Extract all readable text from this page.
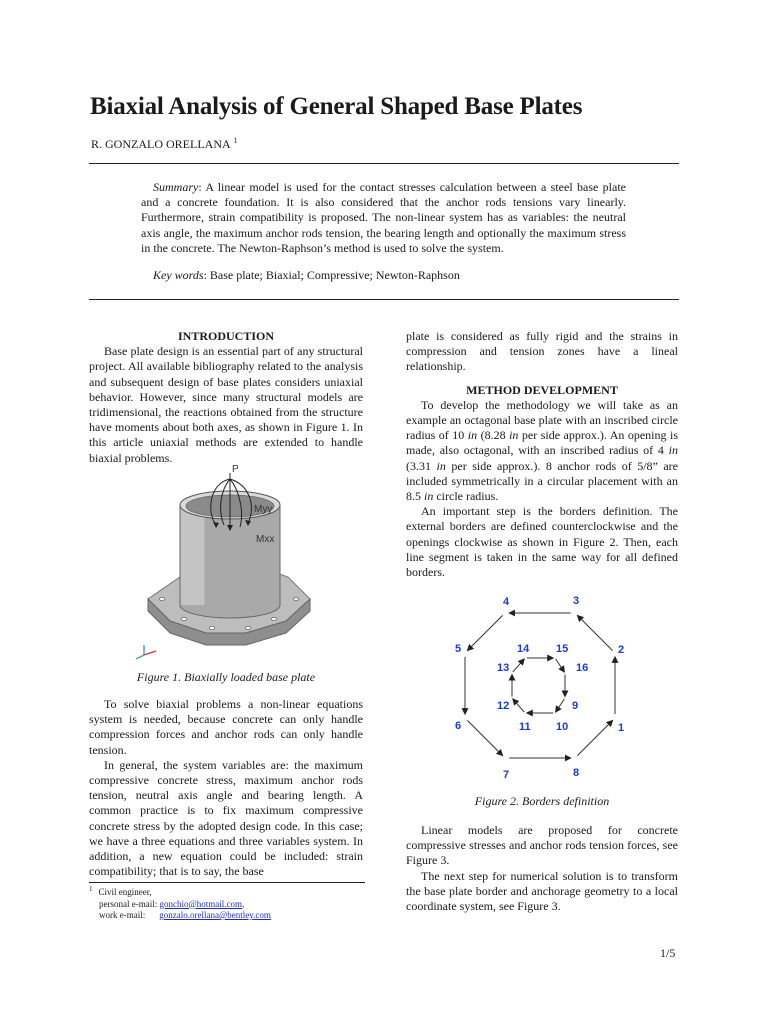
Biaxial Analysis of General Shaped Base Plates
R. GONZALO ORELLANA $^1$

Summary: A linear model is used for the contact stresses calculation between a steel base plate and a concrete foundation. It is also considered that the anchor rods tensions vary linearly. Furthermore, strain compatibility is proposed. The non-linear system has as variables: the neutral axis angle, the maximum anchor rods tension, the bearing length and optionally the maximum stress in the concrete. The Newton-Raphson’s method is used to solve the system.

Key words: Base plate; Biaxial; Compressive; Newton-Raphson

INTRODUCTION

Base plate design is an essential part of any structural project. All available bibliography related to the analysis and subsequent design of base plates considers uniaxial behavior. However, since many structural models are tridimensional, the reactions obtained from the structure have moments about both axes, as shown in Figure 1. In this article uniaxial methods are extended to handle biaxial problems.

P
Myy
Mxx
Figure 1. Biaxially loaded base plate

To solve biaxial problems a non-linear equations system is needed, because concrete can only handle compression forces and anchor rods can only handle tension.

In general, the system variables are: the maximum compressive concrete stress, maximum anchor rods tension, neutral axis angle and bearing length. A common practice is to fix maximum compressive concrete stress by the adopted design code. In this case; we have a three equations and three variables system. In addition, a new equation could be included: strain compatibility; that is to say, the base

$^1$ Civil engineer,
personal e-mail: gonchio@hotmail.com,
work e-mail: gonzalo.orellana@bentley.com

plate is considered as fully rigid and the strains in compression and tension zones have a lineal relationship.

METHOD DEVELOPMENT

To develop the methodology we will take as an example an octagonal base plate with an inscribed circle radius of 10 in (8.28 in per side approx.). An opening is made, also octagonal, with an inscribed radius of 4 in (3.31 in per side approx.). 8 anchor rods of 5/8” are included symmetrically in a circular placement with an 8.5 in circle radius.

An important step is the borders definition. The external borders are defined counterclockwise and the openings clockwise as shown in Figure 2. Then, each line segment is taken in the same way for all defined borders.

1
2
3
4
5
6
7	8
9
10
11
12
13
14 15
16
Figure 2. Borders definition

Linear models are proposed for concrete compressive stresses and anchor rods tension forces, see Figure 3.

The next step for numerical solution is to transform the base plate border and anchorage geometry to a local coordinate system, see Figure 3.

1/5
